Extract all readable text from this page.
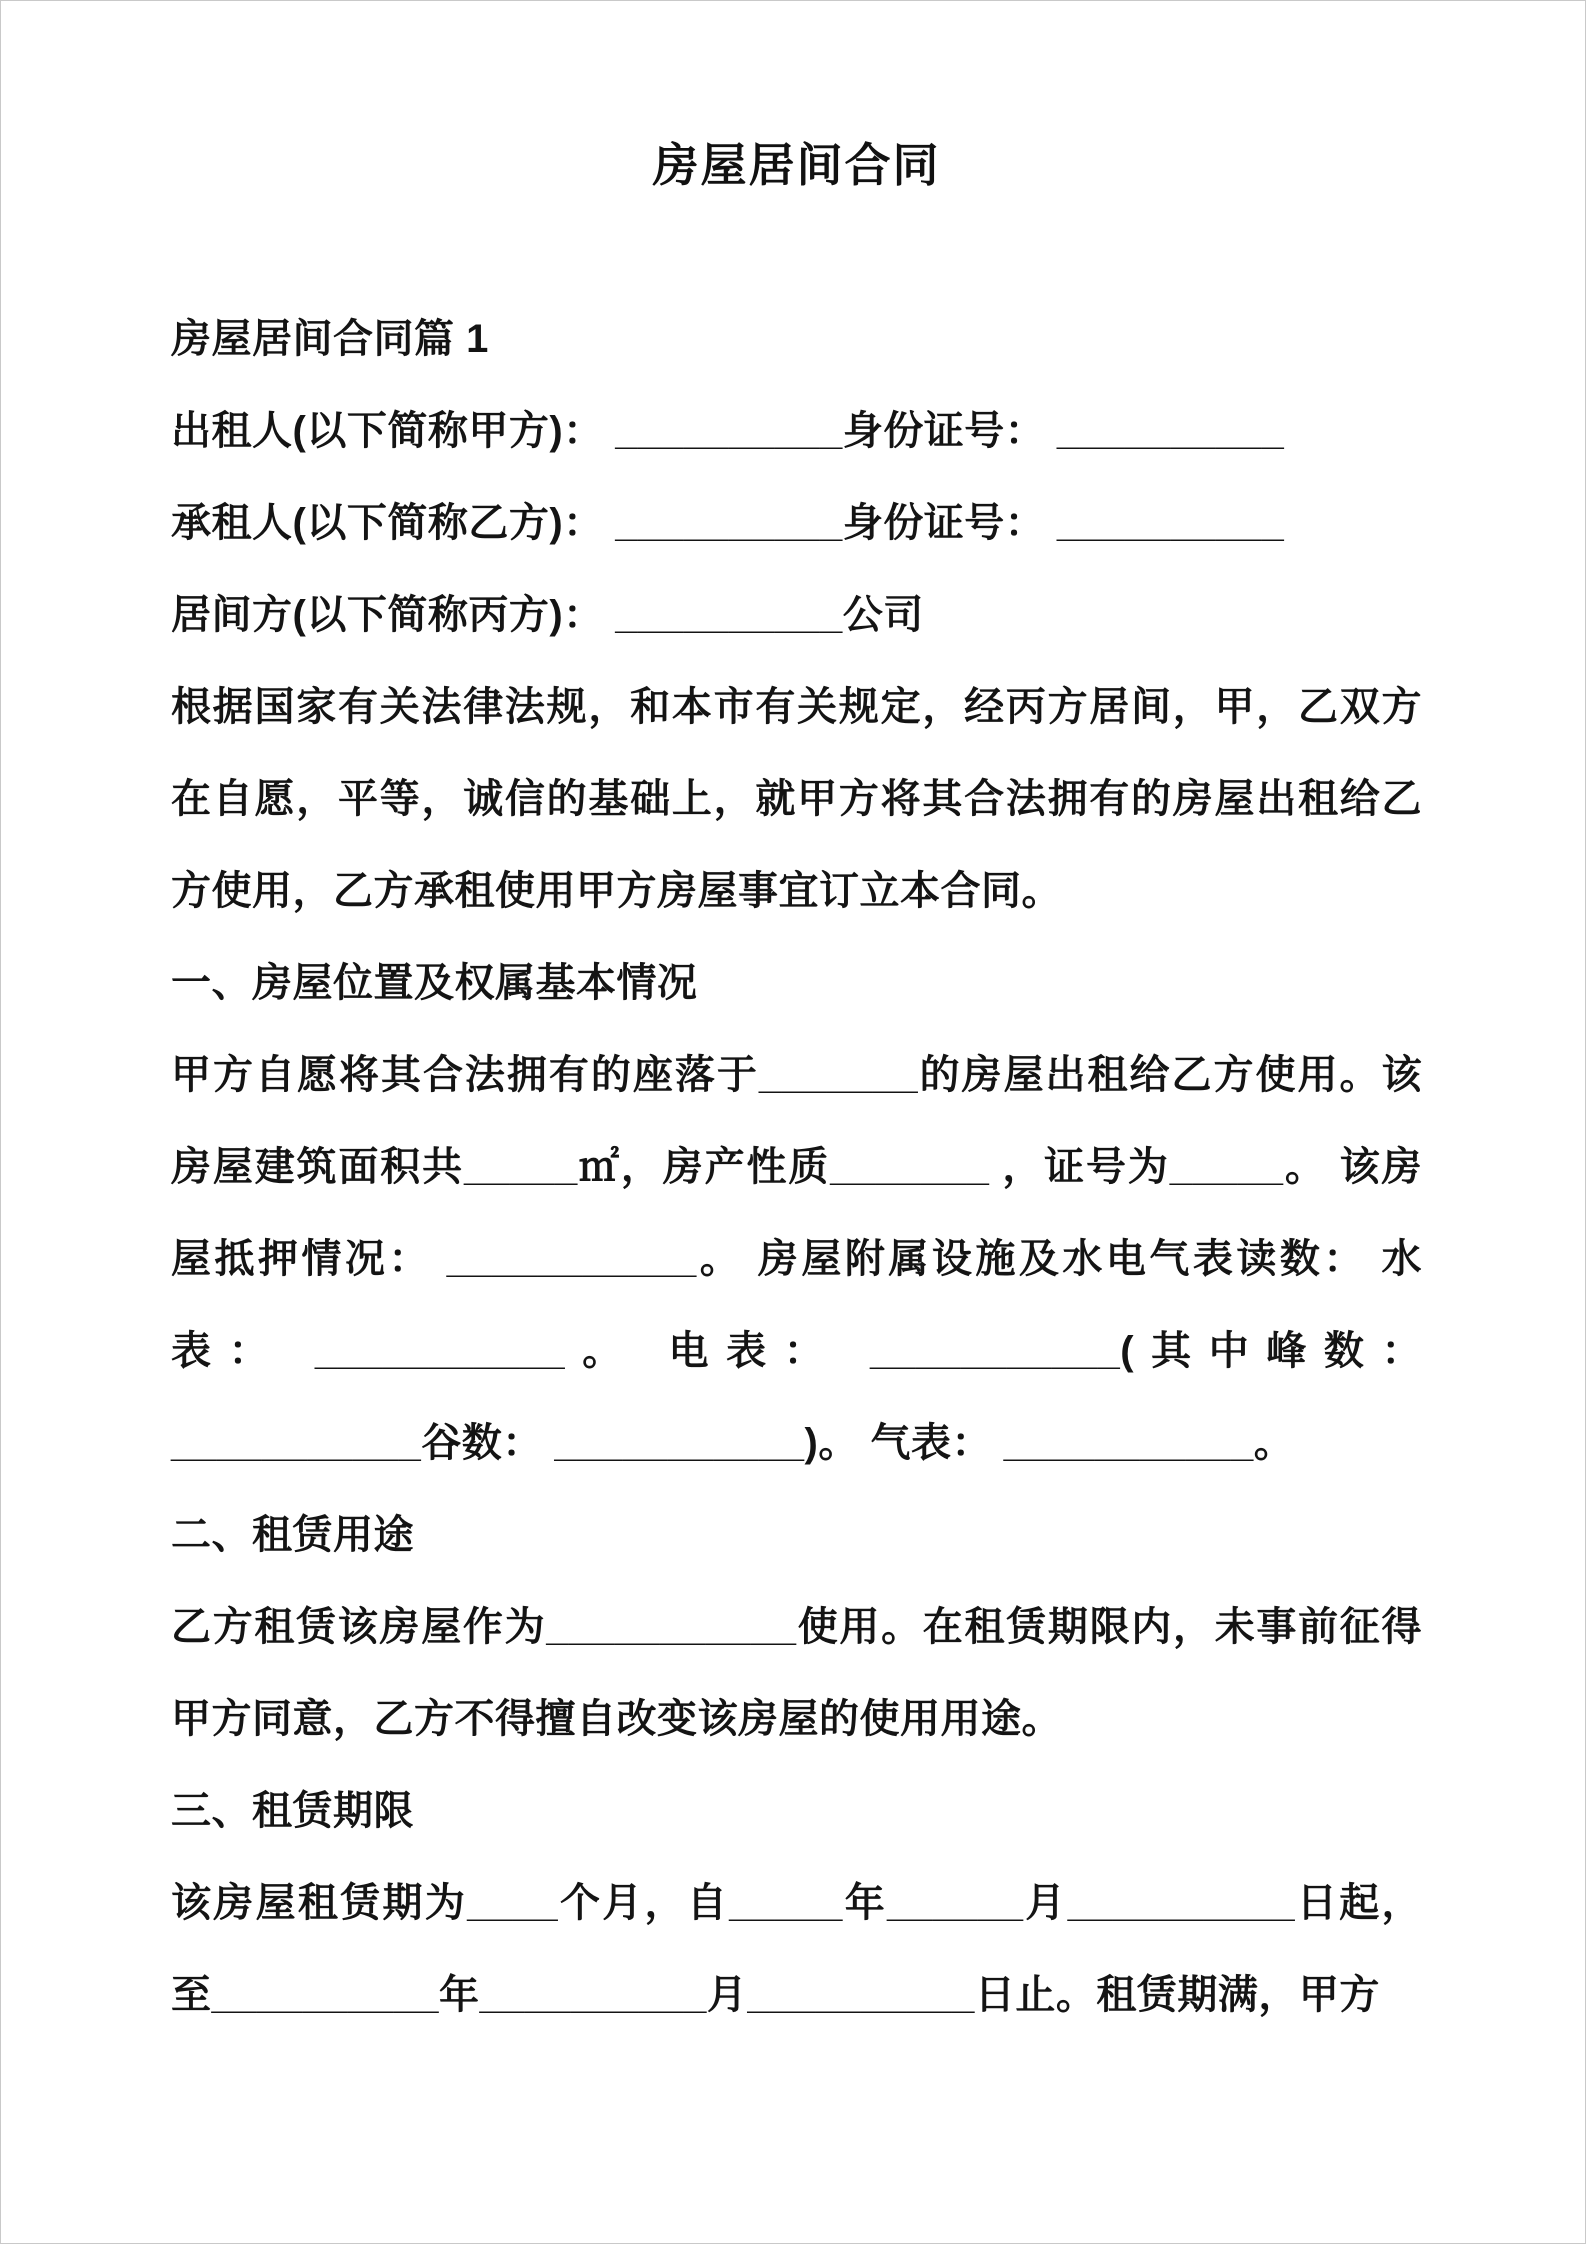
房屋居间合同

房屋居间合同篇 1

出租人(以下简称甲方)： __________身份证号： __________

承租人(以下简称乙方)： __________身份证号： __________

居间方(以下简称丙方)： __________公司

根据国家有关法律法规，和本市有关规定，经丙方居间，甲，乙双方在自愿，平等，诚信的基础上，就甲方将其合法拥有的房屋出租给乙方使用，乙方承租使用甲方房屋事宜订立本合同。

一、房屋位置及权属基本情况

甲方自愿将其合法拥有的座落于_______的房屋出租给乙方使用。该房屋建筑面积共_____㎡，房产性质_______ ，证号为_____。 该房屋抵押情况： ___________。 房屋附属设施及水电气表读数： 水表： ___________。 电表： ___________(其中峰数： ___________谷数： ___________)。 气表： ___________。

二、租赁用途

乙方租赁该房屋作为___________使用。在租赁期限内，未事前征得甲方同意，乙方不得擅自改变该房屋的使用用途。

三、租赁期限

该房屋租赁期为____个月，自_____年______月__________日起，至__________年__________月__________日止。租赁期满，甲方
